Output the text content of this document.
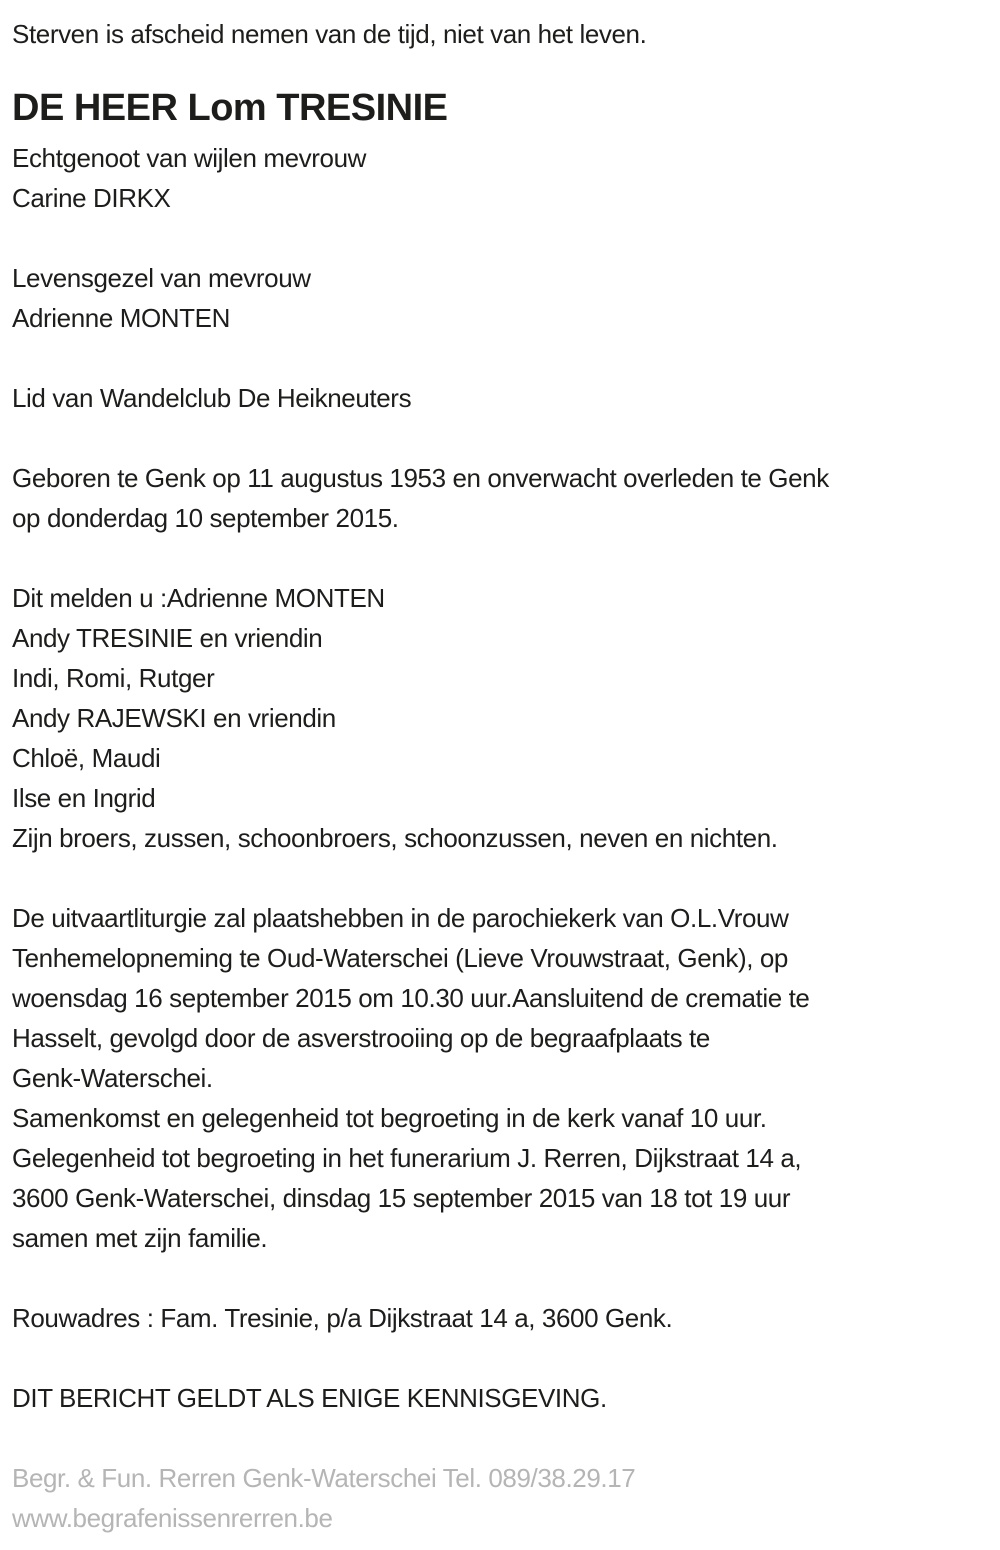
Sterven is afscheid nemen van de tijd, niet van het leven.
DE HEER Lom TRESINIE
Echtgenoot van wijlen mevrouw
Carine DIRKX
Levensgezel van mevrouw
Adrienne MONTEN
Lid van Wandelclub De Heikneuters
Geboren te Genk op 11 augustus 1953 en onverwacht overleden te Genk
op donderdag 10 september 2015.
Dit melden u :Adrienne MONTEN
Andy TRESINIE en vriendin
Indi, Romi, Rutger
Andy RAJEWSKI en vriendin
Chloë, Maudi
Ilse en Ingrid
Zijn broers, zussen, schoonbroers, schoonzussen, neven en nichten.
De uitvaartliturgie zal plaatshebben in de parochiekerk van O.L.Vrouw
Tenhemelopneming te Oud-Waterschei (Lieve Vrouwstraat, Genk), op
woensdag 16 september 2015 om 10.30 uur.Aansluitend de crematie te
Hasselt, gevolgd door de asverstrooiing op de begraafplaats te
Genk-Waterschei.
Samenkomst en gelegenheid tot begroeting in de kerk vanaf 10 uur.
Gelegenheid tot begroeting in het funerarium J. Rerren, Dijkstraat 14 a,
3600 Genk-Waterschei, dinsdag 15 september 2015 van 18 tot 19 uur
samen met zijn familie.
Rouwadres : Fam. Tresinie, p/a Dijkstraat 14 a, 3600 Genk.
DIT BERICHT GELDT ALS ENIGE KENNISGEVING.
Begr. & Fun. Rerren Genk-Waterschei Tel. 089/38.29.17
www.begrafenissenrerren.be
